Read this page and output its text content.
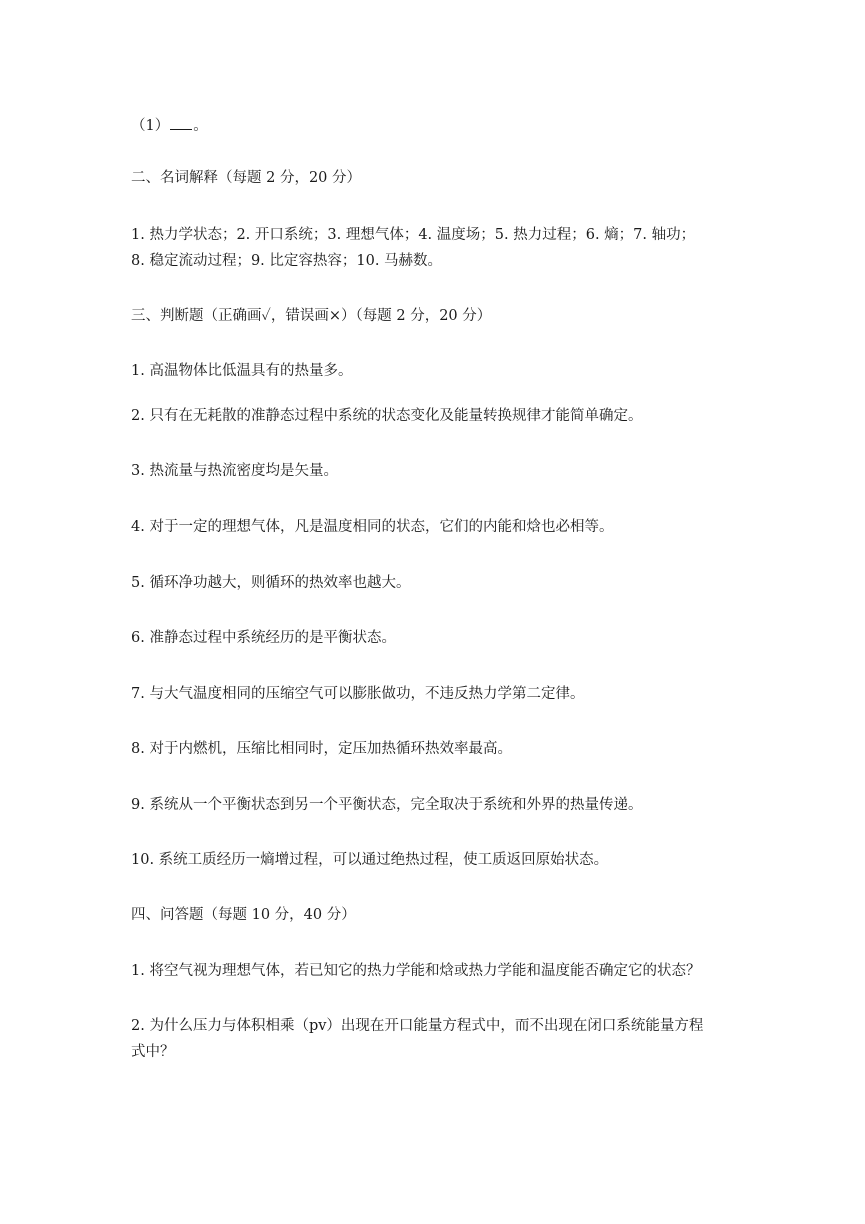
（1） 。
二、名词解释（每题 2 分，20 分）
1. 热力学状态；2. 开口系统；3. 理想气体；4. 温度场；5. 热力过程；6. 熵；7. 轴功；
8. 稳定流动过程；9. 比定容热容；10. 马赫数。
三、判断题（正确画✓，错误画×）（每题 2 分，20 分）
1. 高温物体比低温具有的热量多。
2. 只有在无耗散的准静态过程中系统的状态变化及能量转换规律才能简单确定。
3. 热流量与热流密度均是矢量。
4. 对于一定的理想气体，凡是温度相同的状态，它们的内能和焓也必相等。
5. 循环净功越大，则循环的热效率也越大。
6. 准静态过程中系统经历的是平衡状态。
7. 与大气温度相同的压缩空气可以膨胀做功，不违反热力学第二定律。
8. 对于内燃机，压缩比相同时，定压加热循环热效率最高。
9. 系统从一个平衡状态到另一个平衡状态，完全取决于系统和外界的热量传递。
10. 系统工质经历一熵增过程，可以通过绝热过程，使工质返回原始状态。
四、问答题（每题 10 分，40 分）
1. 将空气视为理想气体，若已知它的热力学能和焓或热力学能和温度能否确定它的状态？
2. 为什么压力与体积相乘（pv）出现在开口能量方程式中，而不出现在闭口系统能量方程
式中？
